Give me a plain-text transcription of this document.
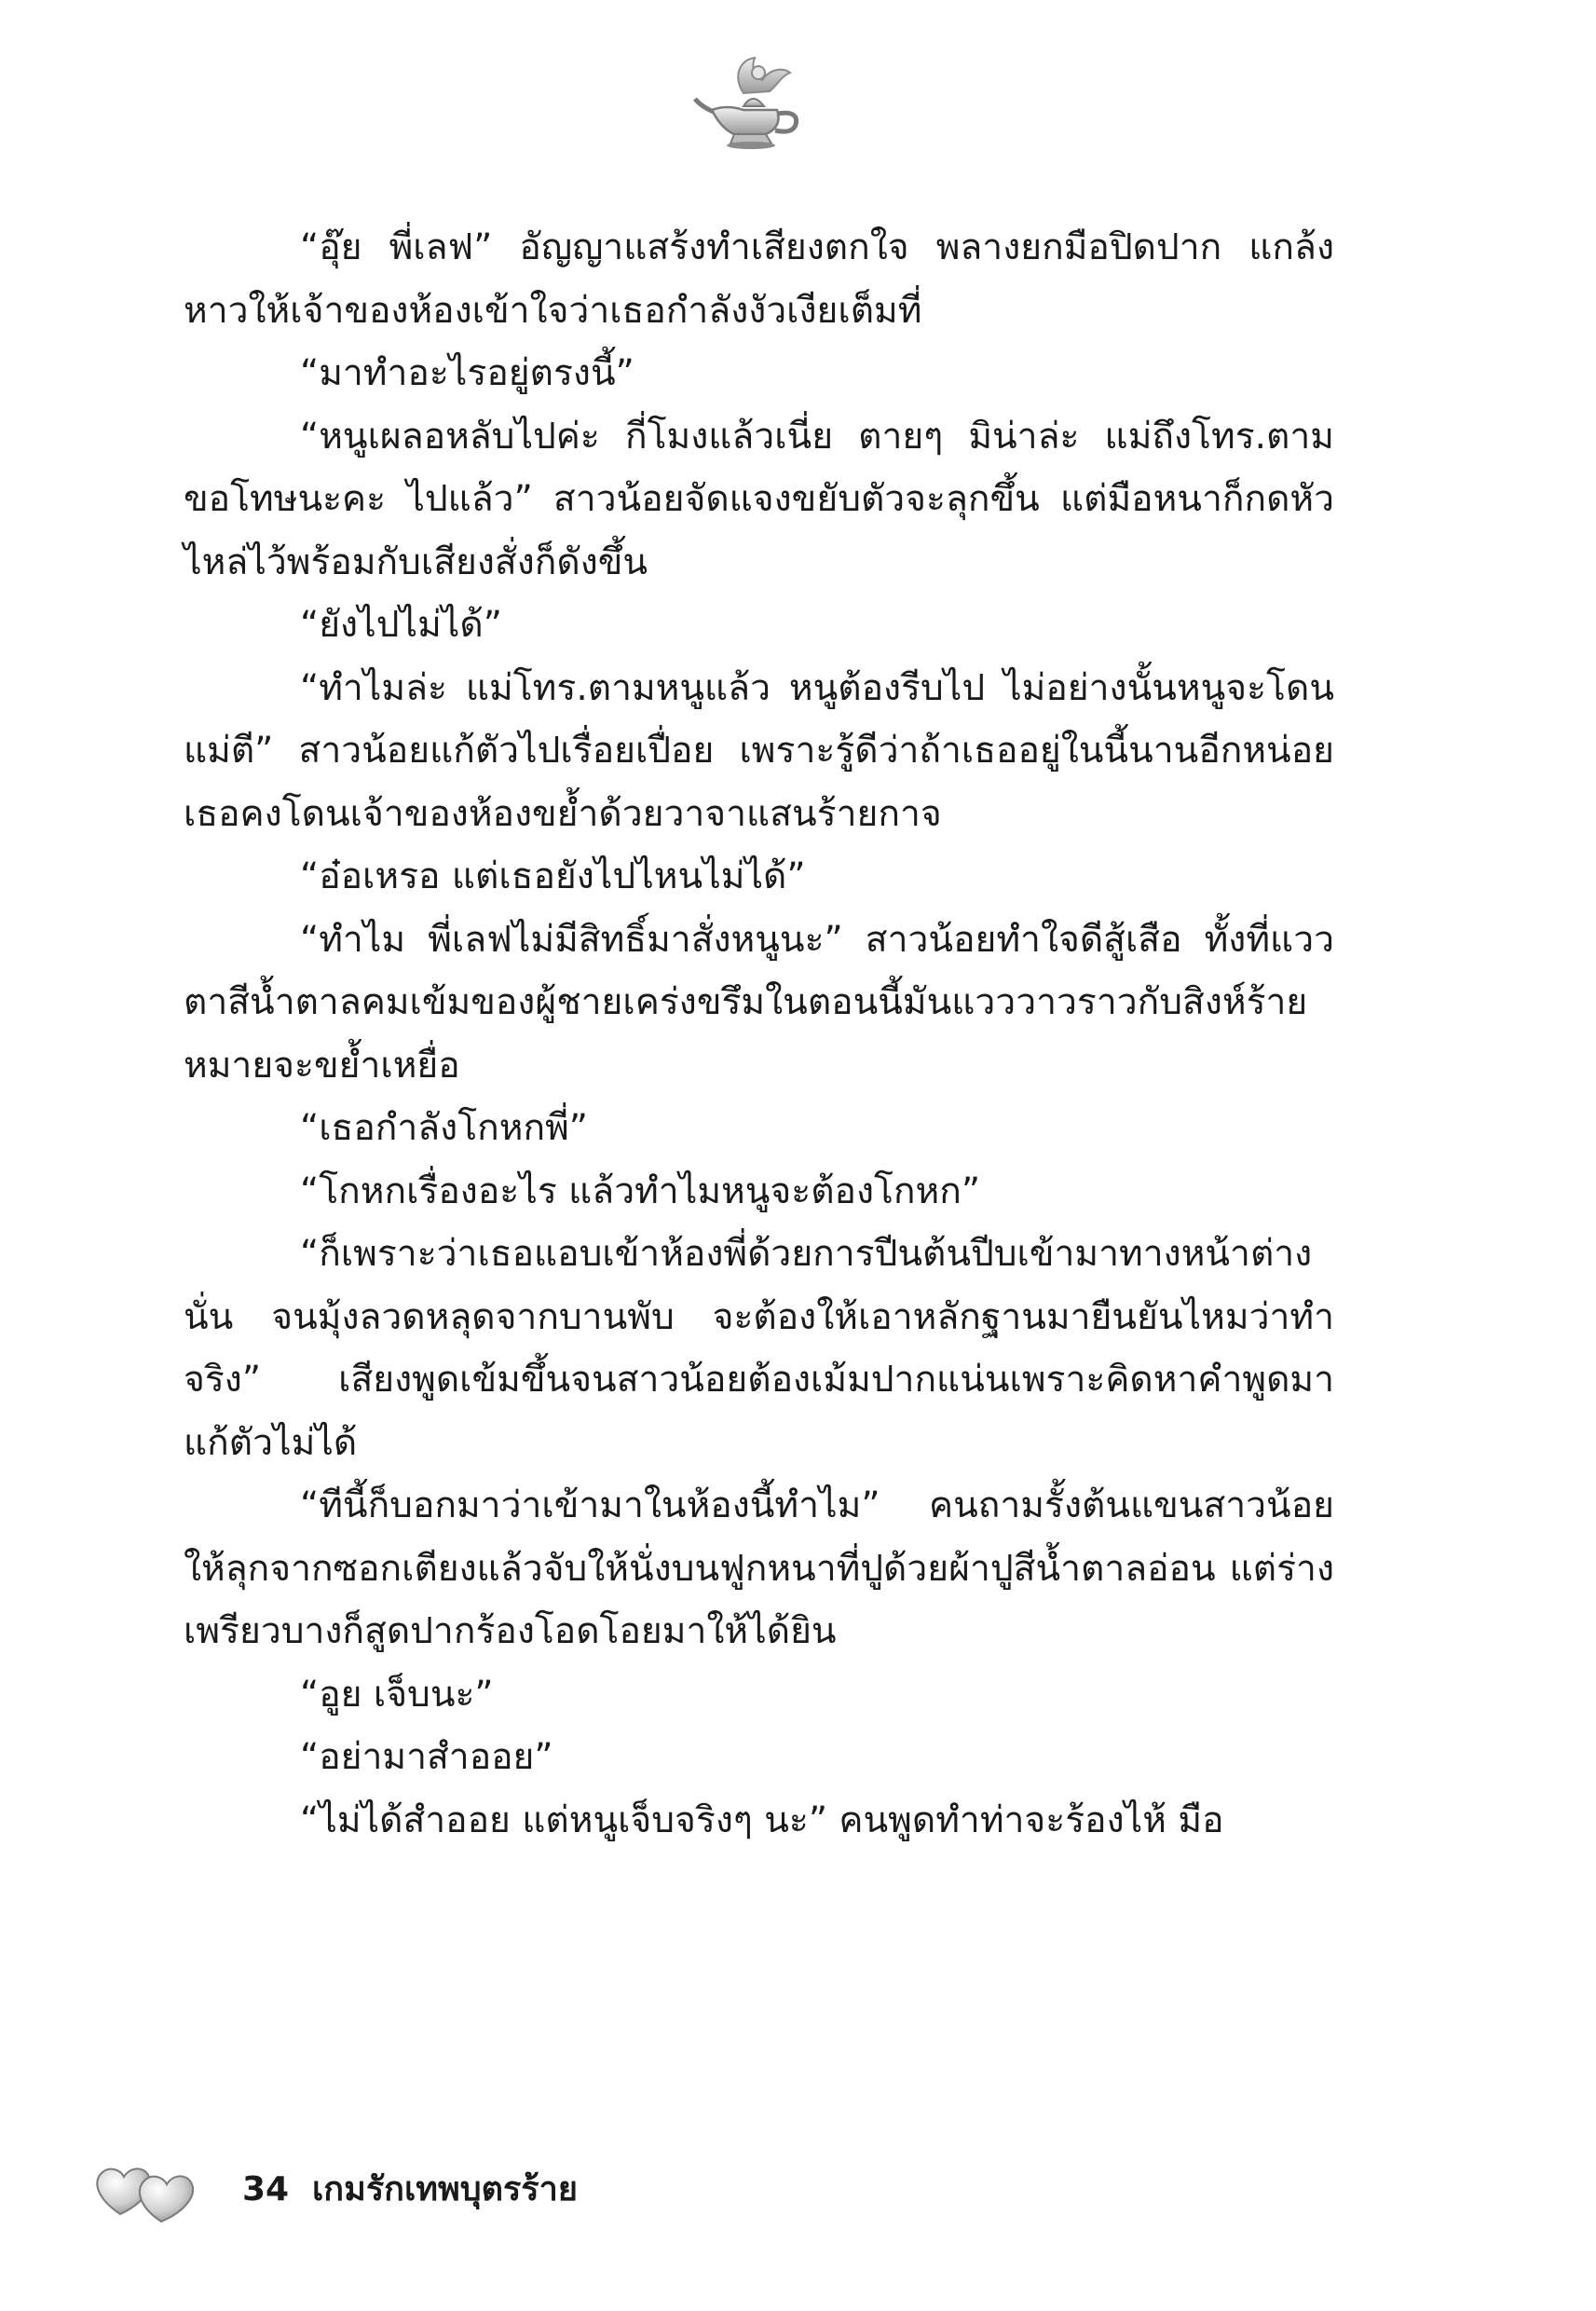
“อุ๊ย พี่เลฟ” อัญญาแสร้งทำเสียงตกใจ พลางยกมือปิดปาก แกล้งหาวให้เจ้าของห้องเข้าใจว่าเธอกำลังงัวเงียเต็มที่

“มาทำอะไรอยู่ตรงนี้”

“หนูเผลอหลับไปค่ะ กี่โมงแล้วเนี่ย ตายๆ มิน่าล่ะ แม่ถึงโทร.ตาม ขอโทษนะคะ ไปแล้ว” สาวน้อยจัดแจงขยับตัวจะลุกขึ้น แต่มือหนาก็กดหัวไหล่ไว้พร้อมกับเสียงสั่งก็ดังขึ้น

“ยังไปไม่ได้”

“ทำไมล่ะ แม่โทร.ตามหนูแล้ว หนูต้องรีบไป ไม่อย่างนั้นหนูจะโดนแม่ตี” สาวน้อยแก้ตัวไปเรื่อยเปื่อย เพราะรู้ดีว่าถ้าเธออยู่ในนี้นานอีกหน่อย เธอคงโดนเจ้าของห้องขย้ำด้วยวาจาแสนร้ายกาจ

“อ๋อเหรอ แต่เธอยังไปไหนไม่ได้”

“ทำไม พี่เลฟไม่มีสิทธิ์มาสั่งหนูนะ” สาวน้อยทำใจดีสู้เสือ ทั้งที่แววตาสีน้ำตาลคมเข้มของผู้ชายเคร่งขรึมในตอนนี้มันแวววาวราวกับสิงห์ร้ายหมายจะขย้ำเหยื่อ

“เธอกำลังโกหกพี่”

“โกหกเรื่องอะไร แล้วทำไมหนูจะต้องโกหก”

“ก็เพราะว่าเธอแอบเข้าห้องพี่ด้วยการปีนต้นปีบเข้ามาทางหน้าต่างนั่น จนมุ้งลวดหลุดจากบานพับ จะต้องให้เอาหลักฐานมายืนยันไหมว่าทำจริง” เสียงพูดเข้มขึ้นจนสาวน้อยต้องเม้มปากแน่นเพราะคิดหาคำพูดมาแก้ตัวไม่ได้

“ทีนี้ก็บอกมาว่าเข้ามาในห้องนี้ทำไม” คนถามรั้งต้นแขนสาวน้อยให้ลุกจากซอกเตียงแล้วจับให้นั่งบนฟูกหนาที่ปูด้วยผ้าปูสีน้ำตาลอ่อน แต่ร่างเพรียวบางก็สูดปากร้องโอดโอยมาให้ได้ยิน

“อูย เจ็บนะ”

“อย่ามาสำออย”

“ไม่ได้สำออย แต่หนูเจ็บจริงๆ นะ” คนพูดทำท่าจะร้องไห้ มือ

34 เกมรักเทพบุตรร้าย
